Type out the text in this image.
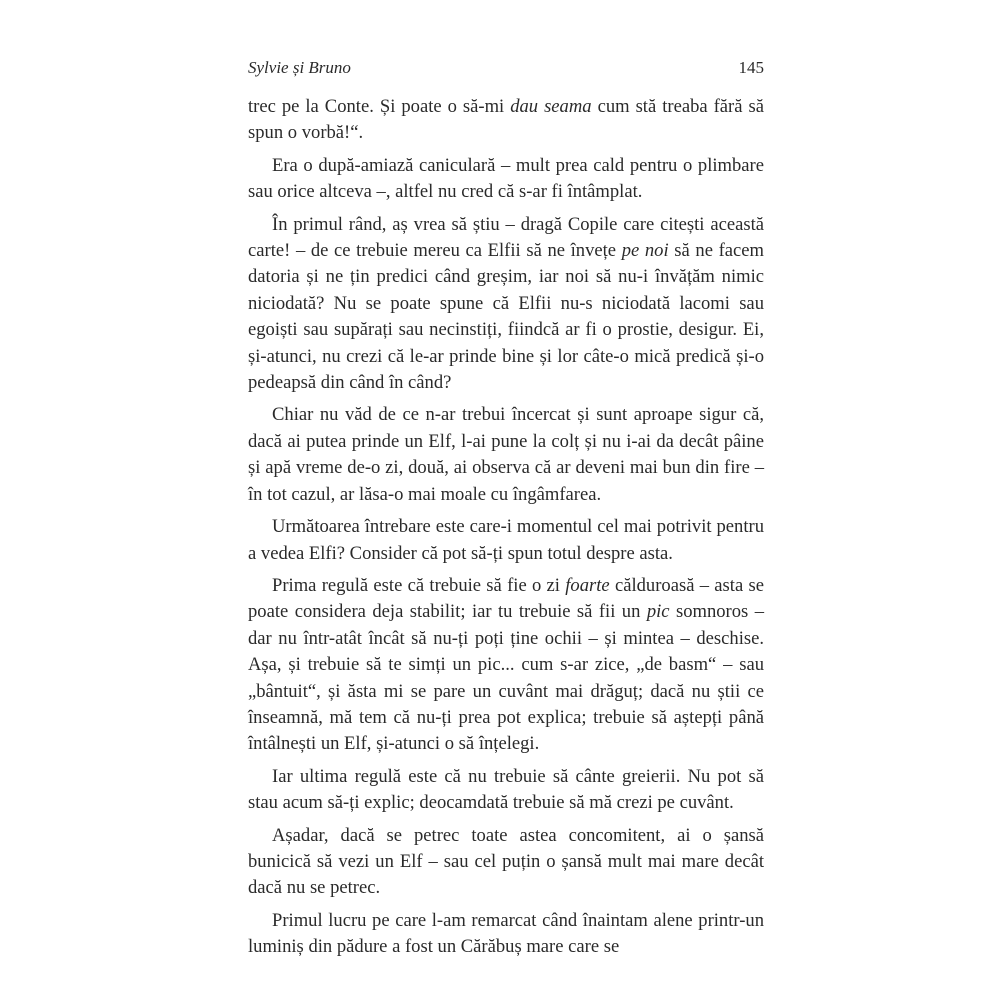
Sylvie și Bruno	145

trec pe la Conte. Și poate o să-mi dau seama cum stă treaba fără să spun o vorbă!“.

Era o după-amiază caniculară – mult prea cald pentru o plimbare sau orice altceva –, altfel nu cred că s-ar fi întâmplat.

În primul rând, aș vrea să știu – dragă Copile care citești această carte! – de ce trebuie mereu ca Elfii să ne învețe pe noi să ne facem datoria și ne țin predici când greșim, iar noi să nu-i învățăm nimic niciodată? Nu se poate spune că Elfii nu-s niciodată lacomi sau egoiști sau supărați sau necinstiți, fiindcă ar fi o prostie, desigur. Ei, și-atunci, nu crezi că le-ar prinde bine și lor câte-o mică predică și-o pedeapsă din când în când?

Chiar nu văd de ce n-ar trebui încercat și sunt aproape sigur că, dacă ai putea prinde un Elf, l-ai pune la colț și nu i-ai da decât pâine și apă vreme de-o zi, două, ai observa că ar deveni mai bun din fire – în tot cazul, ar lăsa-o mai moale cu îngâmfarea.

Următoarea întrebare este care-i momentul cel mai potrivit pentru a vedea Elfi? Consider că pot să-ți spun totul despre asta.

Prima regulă este că trebuie să fie o zi foarte călduroasă – asta se poate considera deja stabilit; iar tu trebuie să fii un pic somnoros – dar nu într-atât încât să nu-ți poți ține ochii – și mintea – deschise. Așa, și trebuie să te simți un pic... cum s-ar zice, „de basm“ – sau „bântuit“, și ăsta mi se pare un cuvânt mai drăguț; dacă nu știi ce înseamnă, mă tem că nu-ți prea pot explica; trebuie să aștepți până întâlnești un Elf, și-atunci o să înțelegi.

Iar ultima regulă este că nu trebuie să cânte greierii. Nu pot să stau acum să-ți explic; deocamdată trebuie să mă crezi pe cuvânt.

Așadar, dacă se petrec toate astea concomitent, ai o șansă bunicică să vezi un Elf – sau cel puțin o șansă mult mai mare decât dacă nu se petrec.

Primul lucru pe care l-am remarcat când înaintam alene printr-un luminiș din pădure a fost un Cărăbuș mare care se
